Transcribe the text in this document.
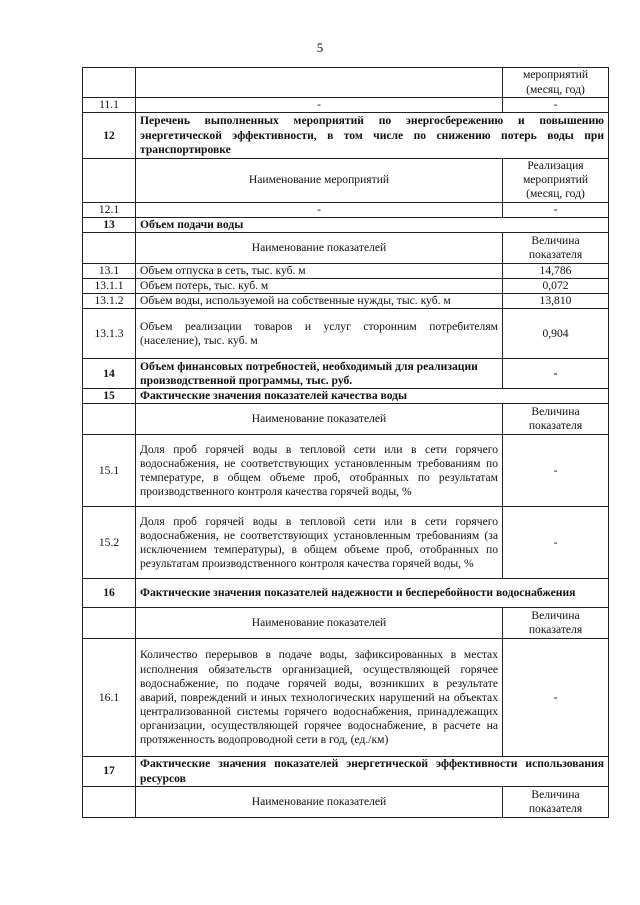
5
		мероприятий (месяц, год)
11.1	-	-
12	Перечень выполненных мероприятий по энергосбережению и повышению энергетической эффективности, в том числе по снижению потерь воды при транспортировке	
	Наименование мероприятий	Реализация мероприятий (месяц, год)
12.1	-	-
13	Объем подачи воды	
	Наименование показателей	Величина показателя
13.1	Объем отпуска в сеть, тыс. куб. м	14,786
13.1.1	Объем потерь, тыс. куб. м	0,072
13.1.2	Объем воды, используемой на собственные нужды, тыс. куб. м	13,810
13.1.3	Объем реализации товаров и услуг сторонним потребителям (население), тыс. куб. м	0,904
14	Объем финансовых потребностей, необходимый для реализации производственной программы, тыс. руб.	-
15	Фактические значения показателей качества воды	
	Наименование показателей	Величина показателя
15.1	Доля проб горячей воды в тепловой сети или в сети горячего водоснабжения, не соответствующих установленным требованиям по температуре, в общем объеме проб, отобранных по результатам производственного контроля качества горячей воды, %	-
15.2	Доля проб горячей воды в тепловой сети или в сети горячего водоснабжения, не соответствующих установленным требованиям (за исключением температуры), в общем объеме проб, отобранных по результатам производственного контроля качества горячей воды, %	-
16	Фактические значения показателей надежности и бесперебойности водоснабжения	
	Наименование показателей	Величина показателя
16.1	Количество перерывов в подаче воды, зафиксированных в местах исполнения обязательств организацией, осуществляющей горячее водоснабжение, по подаче горячей воды, возникших в результате аварий, повреждений и иных технологических нарушений на объектах централизованной системы горячего водоснабжения, принадлежащих организации, осуществляющей горячее водоснабжение, в расчете на протяженность водопроводной сети в год, (ед./км)	-
17	Фактические значения показателей энергетической эффективности использования ресурсов	
	Наименование показателей	Величина показателя
